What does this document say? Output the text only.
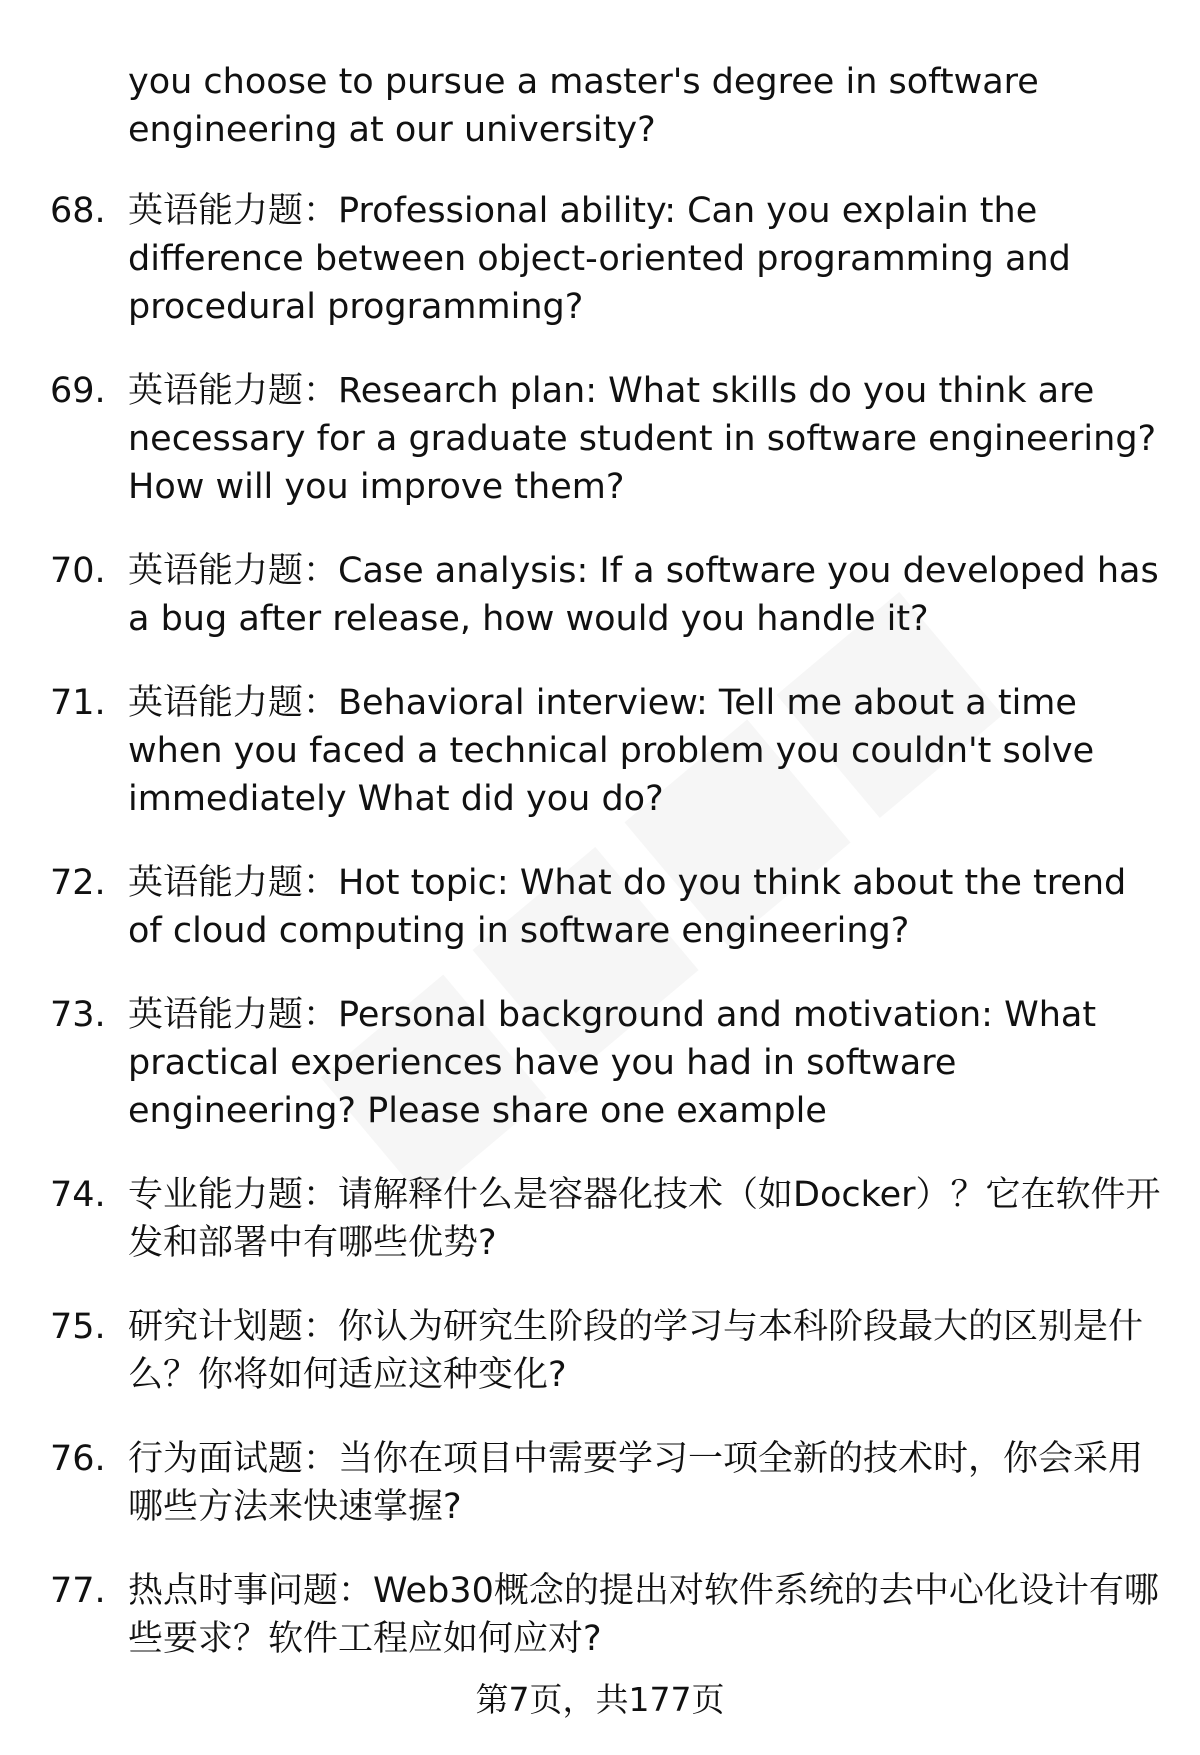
you choose to pursue a master's degree in software engineering at our university?

68. 英语能力题：Professional ability: Can you explain the difference between object-oriented programming and procedural programming?
69. 英语能力题：Research plan: What skills do you think are necessary for a graduate student in software engineering? How will you improve them?
70. 英语能力题：Case analysis: If a software you developed has a bug after release, how would you handle it?
71. 英语能力题：Behavioral interview: Tell me about a time when you faced a technical problem you couldn't solve immediately What did you do?
72. 英语能力题：Hot topic: What do you think about the trend of cloud computing in software engineering?
73. 英语能力题：Personal background and motivation: What practical experiences have you had in software engineering? Please share one example
74. 专业能力题：请解释什么是容器化技术（如Docker）？它在软件开发和部署中有哪些优势?
75. 研究计划题：你认为研究生阶段的学习与本科阶段最大的区别是什么？你将如何适应这种变化?
76. 行为面试题：当你在项目中需要学习一项全新的技术时，你会采用哪些方法来快速掌握?
77. 热点时事问题：Web30概念的提出对软件系统的去中心化设计有哪些要求？软件工程应如何应对?
第7页，共177页
